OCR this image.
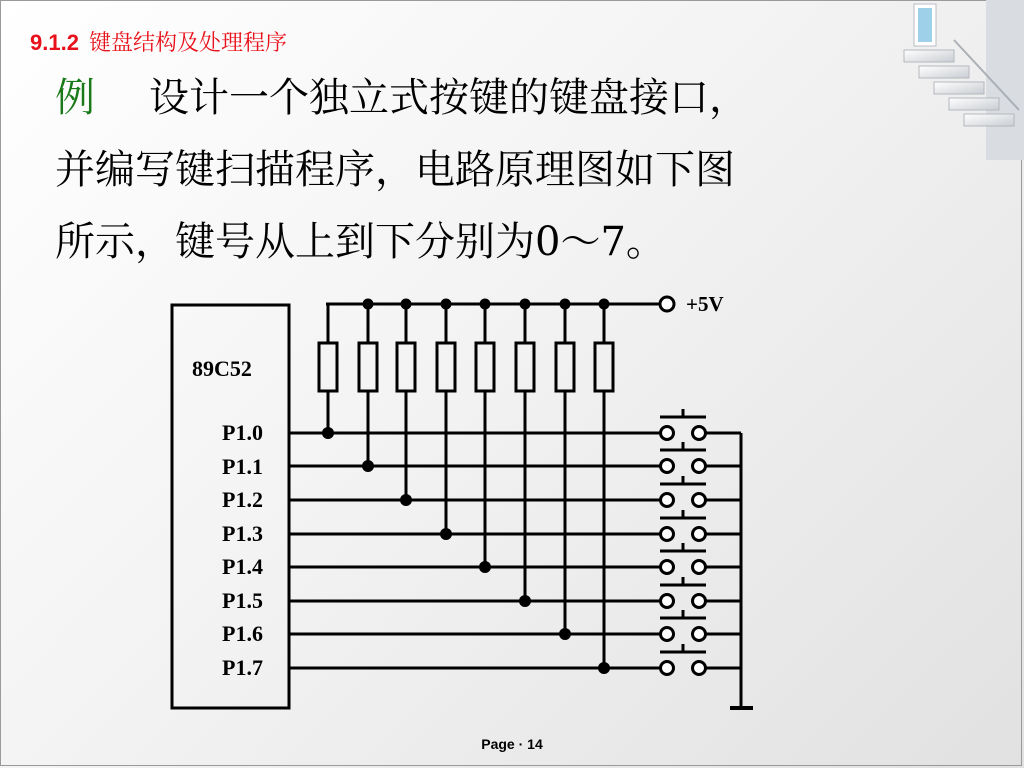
9.1.2 键盘结构及处理程序
例 设计一个独立式按键的键盘接口，
并编写键扫描程序，电路原理图如下图
所示，键号从上到下分别为0～7。
89C52
+5V
P1.0
P1.1
P1.2
P1.3
P1.4
P1.5
P1.6
P1.7
Page · 14
